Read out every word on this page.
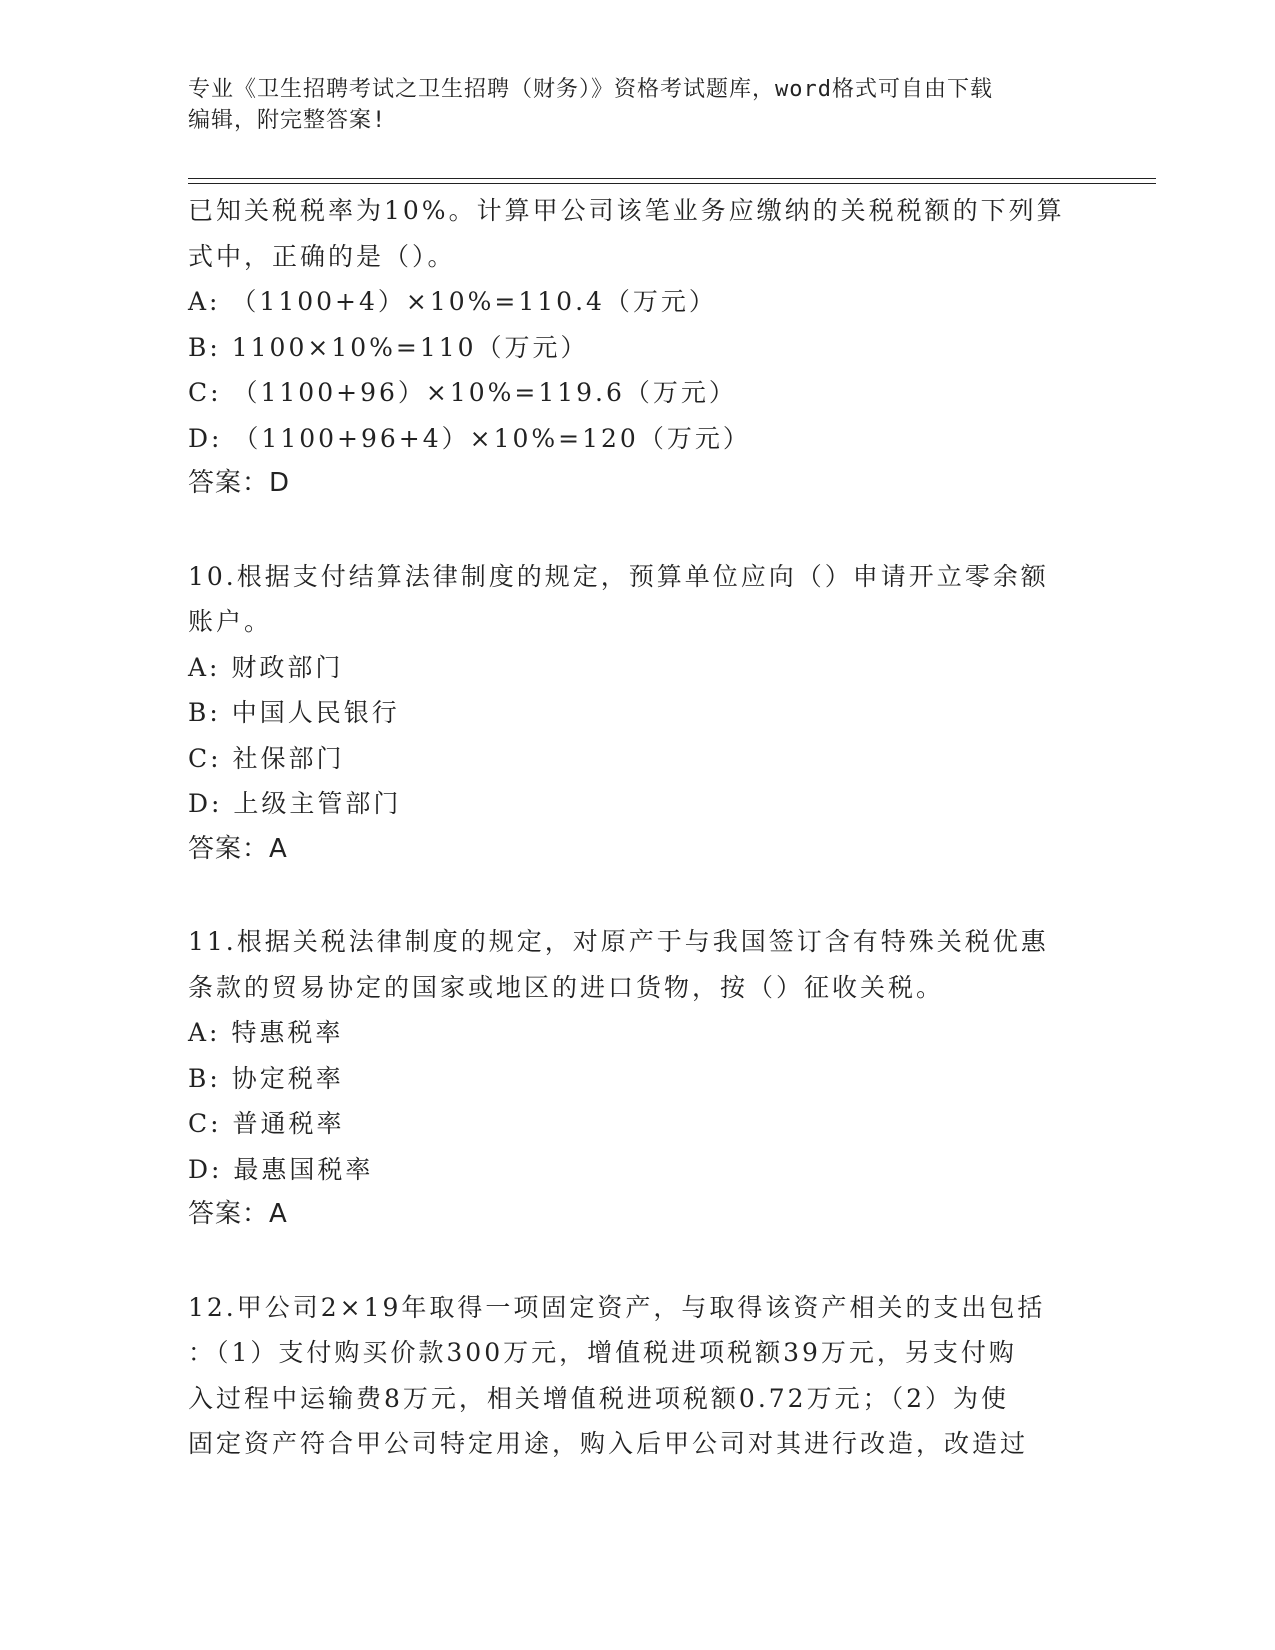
专业《卫生招聘考试之卫生招聘（财务）》资格考试题库，word格式可自由下载
编辑，附完整答案!
已知关税税率为10%。计算甲公司该笔业务应缴纳的关税税额的下列算
式中，正确的是（）。
A: （1100+4）×10%=110.4（万元）
B: 1100×10%=110（万元）
C: （1100+96）×10%=119.6（万元）
D: （1100+96+4）×10%=120（万元）
答案：D
10.根据支付结算法律制度的规定，预算单位应向（）申请开立零余额
账户。
A: 财政部门
B: 中国人民银行
C: 社保部门
D: 上级主管部门
答案：A
11.根据关税法律制度的规定，对原产于与我国签订含有特殊关税优惠
条款的贸易协定的国家或地区的进口货物，按（）征收关税。
A: 特惠税率
B: 协定税率
C: 普通税率
D: 最惠国税率
答案：A
12.甲公司2×19年取得一项固定资产，与取得该资产相关的支出包括
：（1）支付购买价款300万元，增值税进项税额39万元，另支付购
入过程中运输费8万元，相关增值税进项税额0.72万元；（2）为使
固定资产符合甲公司特定用途，购入后甲公司对其进行改造，改造过
